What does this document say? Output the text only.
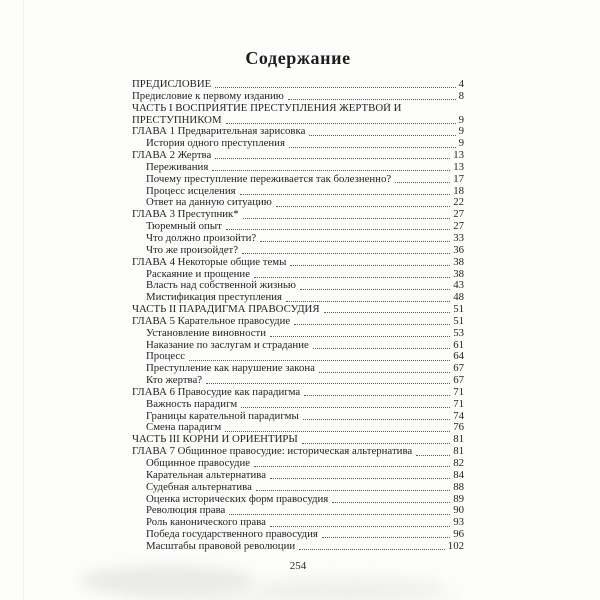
Содержание
ПРЕДИСЛОВИЕ	4
Предисловие к первому изданию	8
ЧАСТЬ I ВОСПРИЯТИЕ ПРЕСТУПЛЕНИЯ ЖЕРТВОЙ И
ПРЕСТУПНИКОМ	9
ГЛАВА 1 Предварительная зарисовка	9
История одного преступления	9
ГЛАВА 2 Жертва	13
Переживания	13
Почему преступление переживается так болезненно?	17
Процесс исцеления	18
Ответ на данную ситуацию	22
ГЛАВА 3 Преступник*	27
Тюремный опыт	27
Что должно произойти?	33
Что же произойдет?	36
ГЛАВА 4 Некоторые общие темы	38
Раскаяние и прощение	38
Власть над собственной жизнью	43
Мистификация преступления	48
ЧАСТЬ II ПАРАДИГМА ПРАВОСУДИЯ	51
ГЛАВА 5 Карательное правосудие	51
Установление виновности	53
Наказание по заслугам и страдание	61
Процесс	64
Преступление как нарушение закона	67
Кто жертва?	67
ГЛАВА 6 Правосудие как парадигма	71
Важность парадигм	71
Границы карательной парадигмы	74
Смена парадигм	76
ЧАСТЬ III КОРНИ И ОРИЕНТИРЫ	81
ГЛАВА 7 Общинное правосудие: историческая альтернатива	81
Общинное правосудие	82
Карательная альтернатива	84
Судебная альтернатива	88
Оценка исторических форм правосудия	89
Революция права	90
Роль канонического права	93
Победа государственного правосудия	96
Масштабы правовой революции	102
254
